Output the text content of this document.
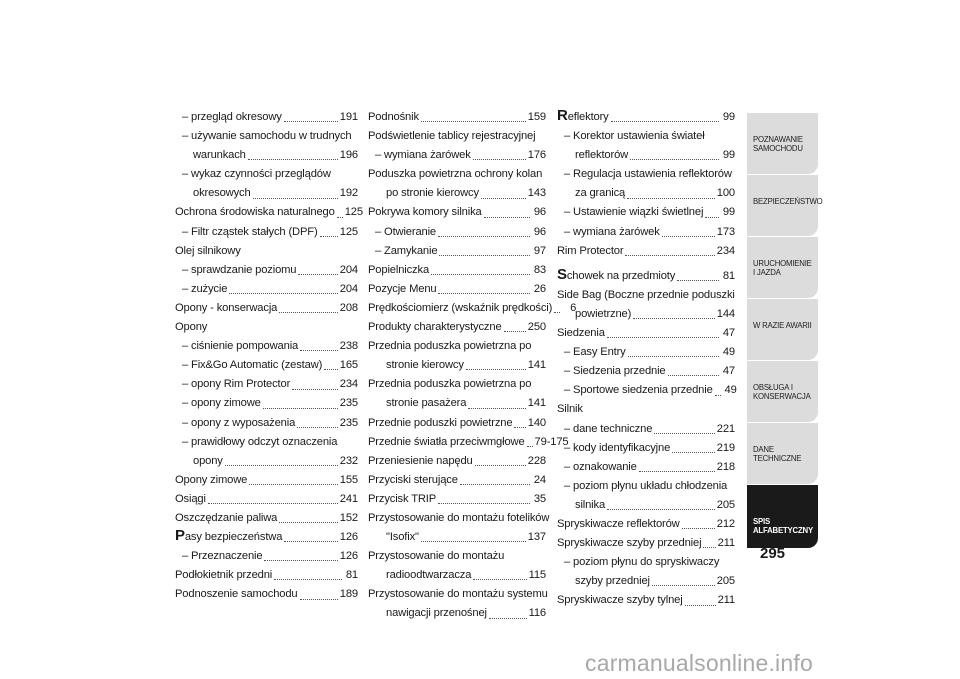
– przegląd okresowy	191
– używanie samochodu w trudnych
warunkach	196
– wykaz czynności przeglądów
okresowych	192
Ochrona środowiska naturalnego 125
– Filtr cząstek stałych (DPF) 125
Olej silnikowy
– sprawdzanie poziomu	204
– zużycie	204
Opony - konserwacja	208
Opony
– ciśnienie pompowania	238
– Fix&Go Automatic (zestaw) 165
– opony Rim Protector	234
– opony zimowe	235
– opony z wyposażenia	235
– prawidłowy odczyt oznaczenia
opony	232
Opony zimowe	155
Osiągi	241
Oszczędzanie paliwa	152
Pasy bezpieczeństwa	126
– Przeznaczenie	126
Podłokietnik przedni	81
Podnoszenie samochodu	189
Podnośnik	159
Podświetlenie tablicy rejestracyjnej
– wymiana żarówek	176
Poduszka powietrzna ochrony kolan
po stronie kierowcy	143
Pokrywa komory silnika	96
– Otwieranie	96
– Zamykanie	97
Popielniczka	83
Pozycje Menu	26
Prędkościomierz (wskaźnik prędkości)	6
Produkty charakterystyczne 250
Przednia poduszka powietrzna po
stronie kierowcy	141
Przednia poduszka powietrzna po
stronie pasażera	141
Przednie poduszki powietrzne 140
Przednie światła przeciwmgłowe 79-175
Przeniesienie napędu	228
Przyciski sterujące	24
Przycisk TRIP	35
Przystosowanie do montażu fotelików
"Isofix"	137
Przystosowanie do montażu
radioodtwarzacza	115
Przystosowanie do montażu systemu
nawigacji przenośnej	116
Reflektory	99
– Korektor ustawienia świateł
reflektorów	99
– Regulacja ustawienia reflektorów
za granicą	100
– Ustawienie wiązki świetlnej 99
– wymiana żarówek	173
Rim Protector	234
Schowek na przedmioty	81
Side Bag (Boczne przednie poduszki
powietrzne)	144
Siedzenia	47
– Easy Entry	49
– Siedzenia przednie	47
– Sportowe siedzenia przednie 49
Silnik
– dane techniczne	221
– kody identyfikacyjne	219
– oznakowanie	218
– poziom płynu układu chłodzenia
silnika	205
Spryskiwacze reflektorów	212
Spryskiwacze szyby przedniej 211
– poziom płynu do spryskiwaczy
szyby przedniej	205
Spryskiwacze szyby tylnej	211
POZNAWANIE SAMOCHODU
BEZPIECZEŃSTWO
URUCHOMIENIE I JAZDA
W RAZIE AWARII
OBSŁUGA I KONSERWACJA
DANE TECHNICZNE
SPIS ALFABETYCZNY
295
carmanualsonline.info
